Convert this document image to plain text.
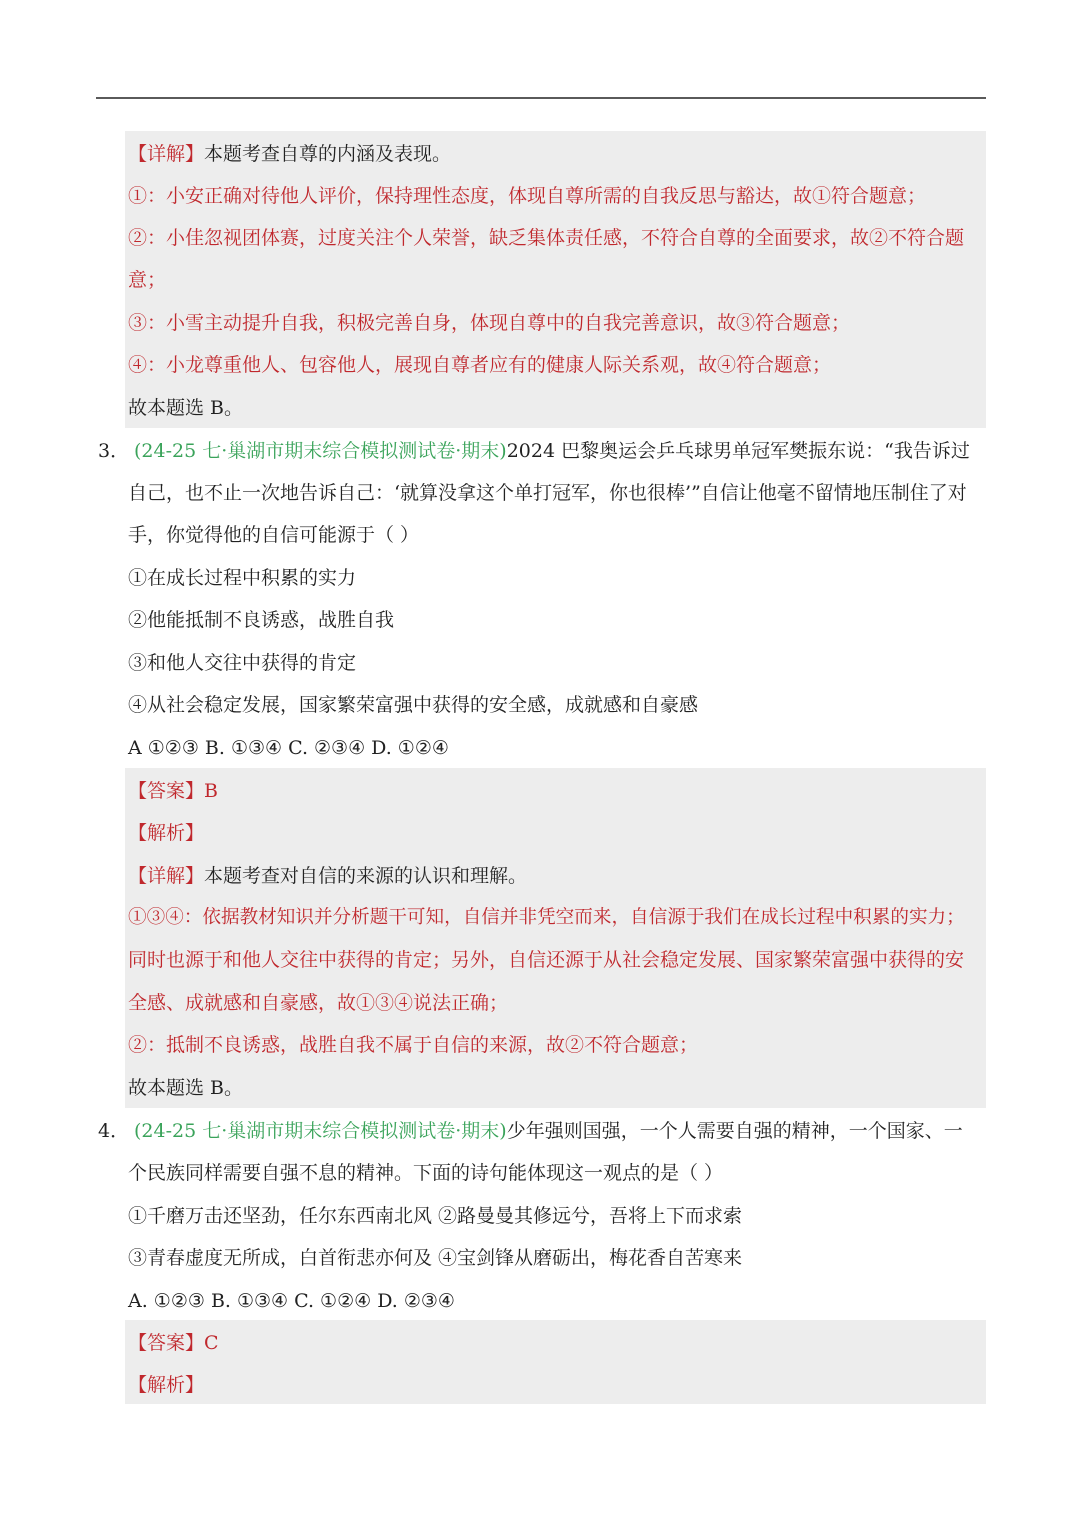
【详解】本题考查自尊的内涵及表现。
①：小安正确对待他人评价，保持理性态度，体现自尊所需的自我反思与豁达，故①符合题意；
②：小佳忽视团体赛，过度关注个人荣誉，缺乏集体责任感，不符合自尊的全面要求，故②不符合题
意；
③：小雪主动提升自我，积极完善自身，体现自尊中的自我完善意识，故③符合题意；
④：小龙尊重他人、包容他人，展现自尊者应有的健康人际关系观，故④符合题意；
故本题选 B。
3． (24-25 七·巢湖市期末综合模拟测试卷·期末)2024 巴黎奥运会乒乓球男单冠军樊振东说：“我告诉过
自己，也不止一次地告诉自己：‘就算没拿这个单打冠军，你也很棒’”自信让他毫不留情地压制住了对
手，你觉得他的自信可能源于（ ）
①在成长过程中积累的实力
②他能抵制不良诱惑，战胜自我
③和他人交往中获得的肯定
④从社会稳定发展，国家繁荣富强中获得的安全感，成就感和自豪感
A ①②③ B. ①③④ C. ②③④ D. ①②④
【答案】B
【解析】
【详解】本题考查对自信的来源的认识和理解。
①③④：依据教材知识并分析题干可知，自信并非凭空而来，自信源于我们在成长过程中积累的实力；
同时也源于和他人交往中获得的肯定；另外，自信还源于从社会稳定发展、国家繁荣富强中获得的安
全感、成就感和自豪感，故①③④说法正确；
②：抵制不良诱惑，战胜自我不属于自信的来源，故②不符合题意；
故本题选 B。
4． (24-25 七·巢湖市期末综合模拟测试卷·期末)少年强则国强，一个人需要自强的精神，一个国家、一
个民族同样需要自强不息的精神。下面的诗句能体现这一观点的是（ ）
①千磨万击还坚劲，任尔东西南北风 ②路曼曼其修远兮，吾将上下而求索
③青春虚度无所成，白首衔悲亦何及 ④宝剑锋从磨砺出，梅花香自苦寒来
A. ①②③ B. ①③④ C. ①②④ D. ②③④
【答案】C
【解析】
